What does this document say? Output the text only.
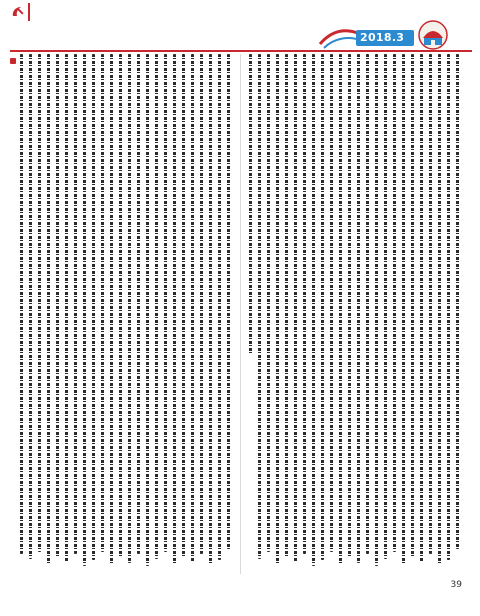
2018.3
39
